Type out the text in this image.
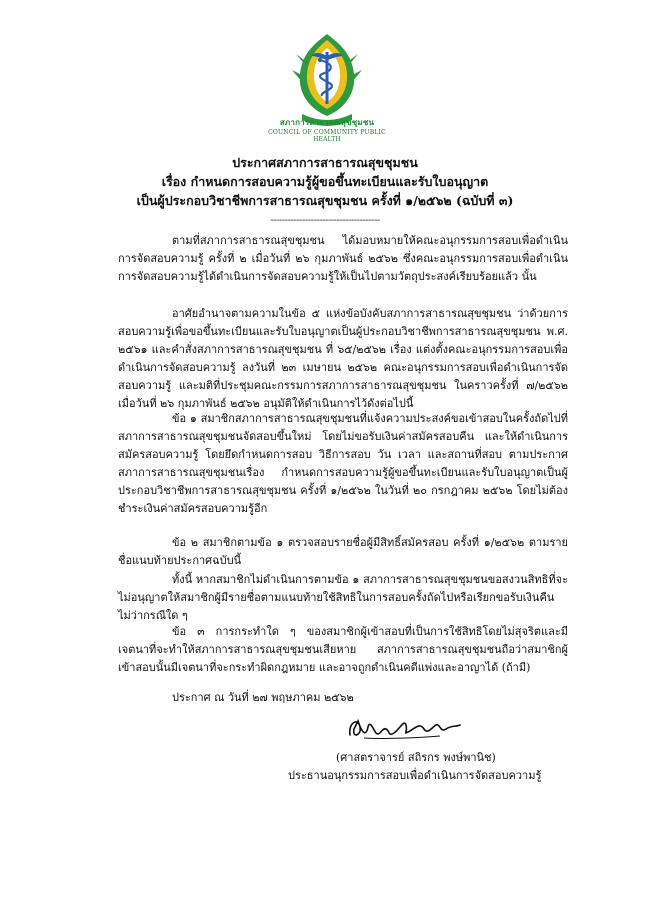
สภาการสาธารณสุขชุมชน
COUNCIL OF COMMUNITY PUBLIC HEALTH
ประกาศสภาการสาธารณสุขชุมชน
เรื่อง กำหนดการสอบความรู้ผู้ขอขึ้นทะเบียนและรับใบอนุญาต
เป็นผู้ประกอบวิชาชีพการสาธารณสุขชุมชน ครั้งที่ ๑/๒๕๖๒ (ฉบับที่ ๓)
--------------------------------------
ตามที่สภาการสาธารณสุขชุมชน ได้มอบหมายให้คณะอนุกรรมการสอบเพื่อดำเนินการจัดสอบความรู้ ครั้งที่ ๒ เมื่อวันที่ ๒๖ กุมภาพันธ์ ๒๕๖๒ ซึ่งคณะอนุกรรมการสอบเพื่อดำเนินการจัดสอบความรู้ได้ดำเนินการจัดสอบความรู้ให้เป็นไปตามวัตถุประสงค์เรียบร้อยแล้ว นั้น
อาศัยอำนาจตามความในข้อ ๕ แห่งข้อบังคับสภาการสาธารณสุขชุมชน ว่าด้วยการสอบความรู้เพื่อขอขึ้นทะเบียนและรับใบอนุญาตเป็นผู้ประกอบวิชาชีพการสาธารณสุขชุมชน พ.ศ. ๒๕๖๑ และคำสั่งสภาการสาธารณสุขชุมชน ที่ ๖๕/๒๕๖๒ เรื่อง แต่งตั้งคณะอนุกรรมการสอบเพื่อดำเนินการจัดสอบความรู้ ลงวันที่ ๒๓ เมษายน ๒๕๖๒ คณะอนุกรรมการสอบเพื่อดำเนินการจัดสอบความรู้ และมติที่ประชุมคณะกรรมการสภาการสาธารณสุขชุมชน ในคราวครั้งที่ ๗/๒๕๖๒ เมื่อวันที่ ๒๖ กุมภาพันธ์ ๒๕๖๒ อนุมัติให้ดำเนินการไว้ดังต่อไปนี้
ข้อ ๑ สมาชิกสภาการสาธารณสุขชุมชนที่แจ้งความประสงค์ขอเข้าสอบในครั้งถัดไปที่สภาการสาธารณสุขชุมชนจัดสอบขึ้นใหม่ โดยไม่ขอรับเงินค่าสมัครสอบคืน และให้ดำเนินการสมัครสอบความรู้ โดยยึดกำหนดการสอบ วิธีการสอบ วัน เวลา และสถานที่สอบ ตามประกาศสภาการสาธารณสุขชุมชนเรื่อง กำหนดการสอบความรู้ผู้ขอขึ้นทะเบียนและรับใบอนุญาตเป็นผู้ประกอบวิชาชีพการสาธารณสุขชุมชน ครั้งที่ ๑/๒๕๖๒ ในวันที่ ๒๐ กรกฎาคม ๒๕๖๒ โดยไม่ต้องชำระเงินค่าสมัครสอบความรู้อีก
ข้อ ๒ สมาชิกตามข้อ ๑ ตรวจสอบรายชื่อผู้มีสิทธิ์สมัครสอบ ครั้งที่ ๑/๒๕๖๒ ตามรายชื่อแนบท้ายประกาศฉบับนี้
ทั้งนี้ หากสมาชิกไม่ดำเนินการตามข้อ ๑ สภาการสาธารณสุขชุมชนขอสงวนสิทธิที่จะไม่อนุญาตให้สมาชิกผู้มีรายชื่อตามแนบท้ายใช้สิทธิในการสอบครั้งถัดไปหรือเรียกขอรับเงินคืน ไม่ว่ากรณีใด ๆ
ข้อ ๓ การกระทำใด ๆ ของสมาชิกผู้เข้าสอบที่เป็นการใช้สิทธิโดยไม่สุจริตและมีเจตนาที่จะทำให้สภาการสาธารณสุขชุมชนเสียหาย สภาการสาธารณสุขชุมชนถือว่าสมาชิกผู้เข้าสอบนั้นมีเจตนาที่จะกระทำผิดกฎหมาย และอาจถูกดำเนินคดีแพ่งและอาญาได้ (ถ้ามี)
ประกาศ ณ วันที่ ๒๗ พฤษภาคม ๒๕๖๒
(ศาสตราจารย์ สถิรกร พงษ์พานิช)
ประธานอนุกรรมการสอบเพื่อดำเนินการจัดสอบความรู้
